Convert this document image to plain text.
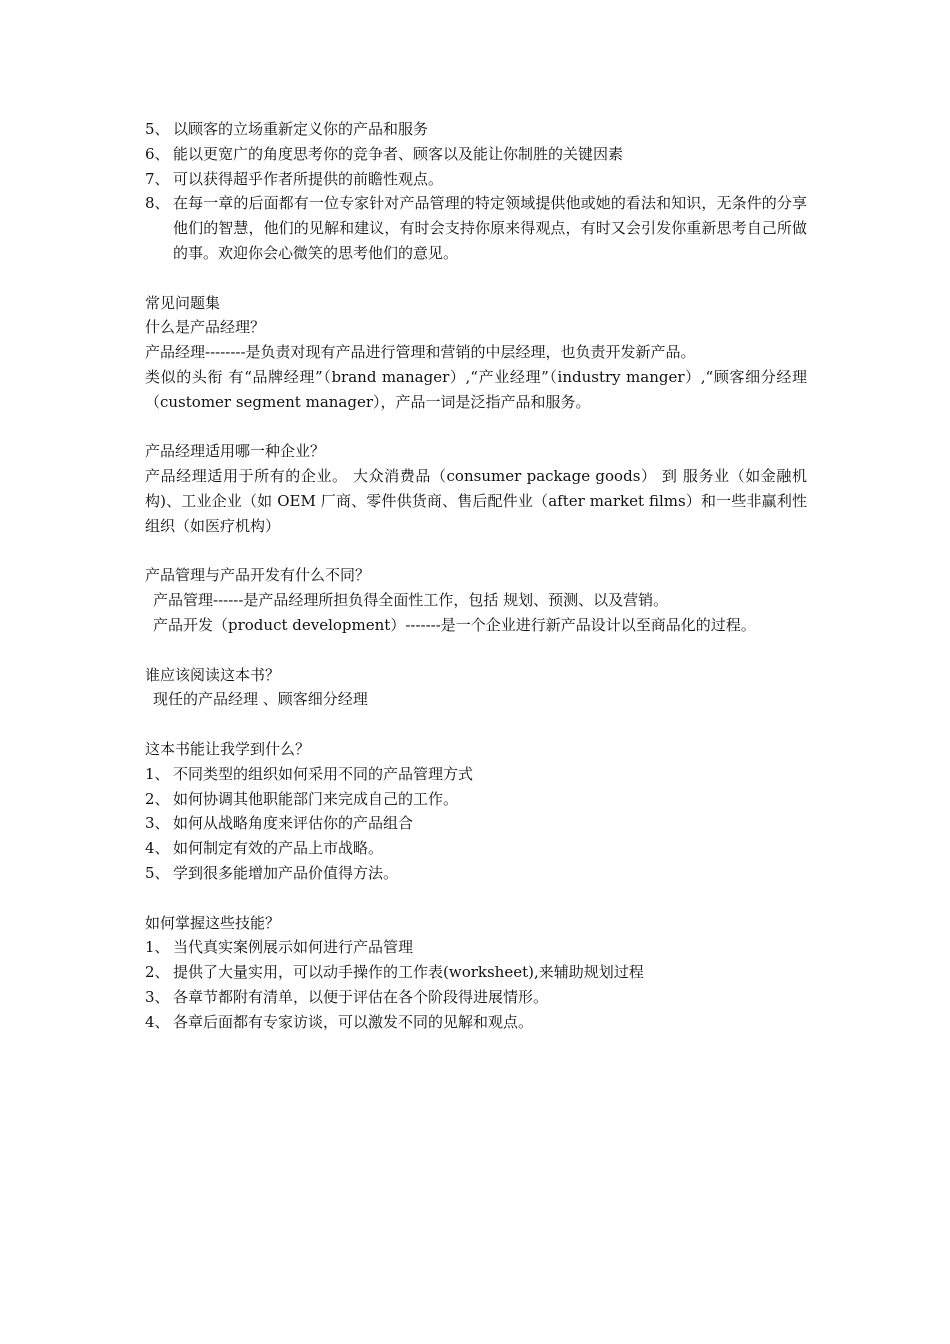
5、 以顾客的立场重新定义你的产品和服务
6、 能以更宽广的角度思考你的竞争者、顾客以及能让你制胜的关键因素
7、 可以获得超乎作者所提供的前瞻性观点。
8、 在每一章的后面都有一位专家针对产品管理的特定领域提供他或她的看法和知识，无条件的分享他们的智慧，他们的见解和建议，有时会支持你原来得观点，有时又会引发你重新思考自己所做的事。欢迎你会心微笑的思考他们的意见。
常见问题集
什么是产品经理？
产品经理--------是负责对现有产品进行管理和营销的中层经理，也负责开发新产品。
类似的头衔 有“品牌经理”（brand manager）,“产业经理”（industry manger）,“顾客细分经理（customer segment manager），产品一词是泛指产品和服务。
产品经理适用哪一种企业？
产品经理适用于所有的企业。 大众消费品（consumer package goods） 到 服务业（如金融机构)、工业企业（如 OEM 厂商、零件供货商、售后配件业（after market films）和一些非赢利性组织（如医疗机构）
产品管理与产品开发有什么不同？
产品管理------是产品经理所担负得全面性工作，包括 规划、预测、以及营销。
产品开发（product development）-------是一个企业进行新产品设计以至商品化的过程。
谁应该阅读这本书？
现任的产品经理 、顾客细分经理
这本书能让我学到什么？
1、 不同类型的组织如何采用不同的产品管理方式
2、 如何协调其他职能部门来完成自己的工作。
3、 如何从战略角度来评估你的产品组合
4、 如何制定有效的产品上市战略。
5、 学到很多能增加产品价值得方法。
如何掌握这些技能？
1、 当代真实案例展示如何进行产品管理
2、 提供了大量实用，可以动手操作的工作表(worksheet),来辅助规划过程
3、 各章节都附有清单，以便于评估在各个阶段得进展情形。
4、 各章后面都有专家访谈，可以激发不同的见解和观点。
